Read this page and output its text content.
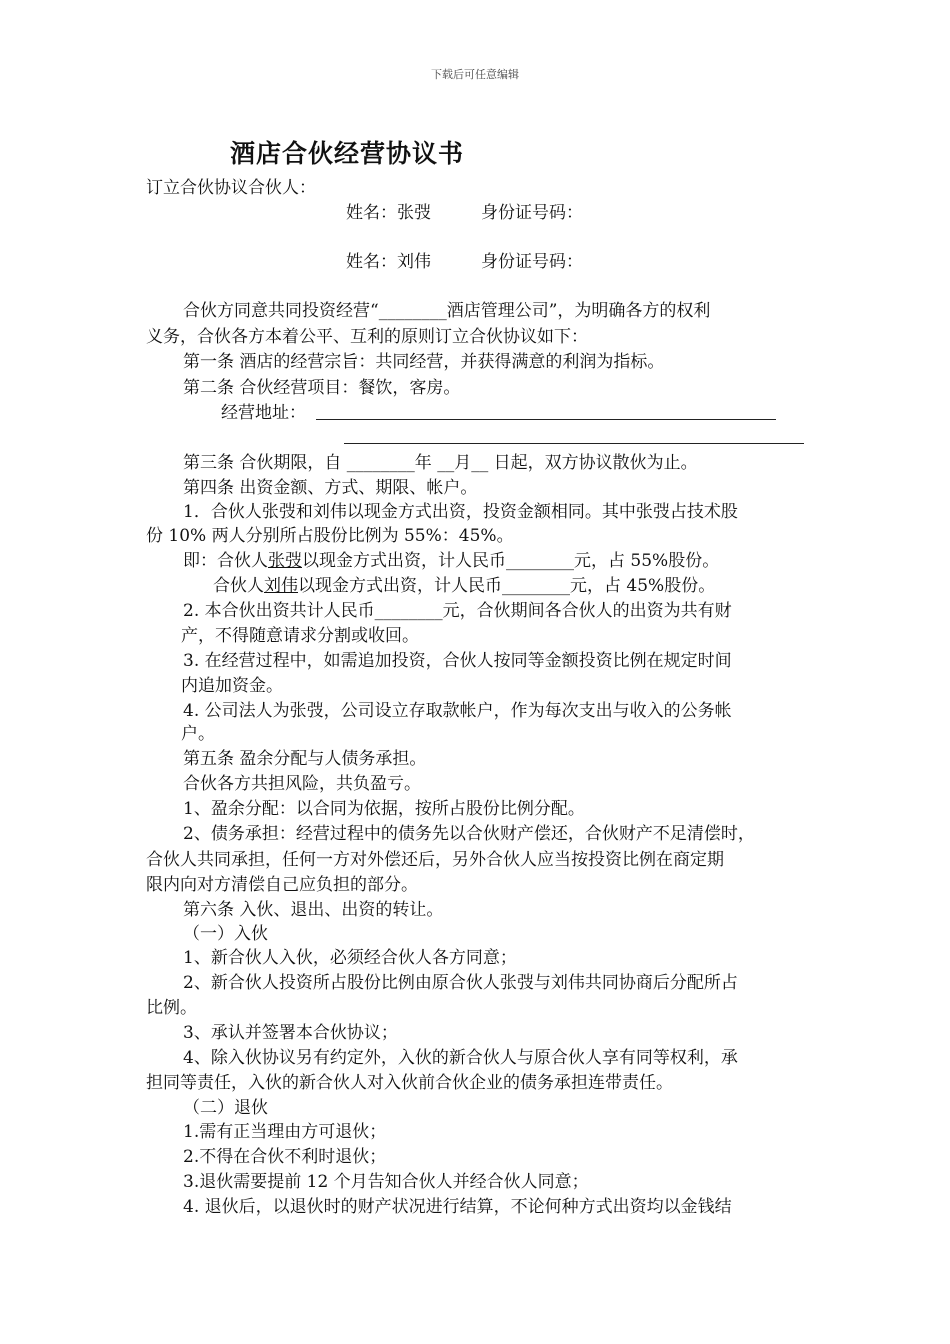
下载后可任意编辑
酒店合伙经营协议书
订立合伙协议合伙人：
姓名：张弢	身份证号码：
姓名：刘伟	身份证号码：
合伙方同意共同投资经营“________酒店管理公司”，为明确各方的权利
义务，合伙各方本着公平、互利的原则订立合伙协议如下：
第一条 酒店的经营宗旨：共同经营，并获得满意的利润为指标。
第二条 合伙经营项目：餐饮，客房。
经营地址：
第三条 合伙期限，自 ________年 __月__ 日起，双方协议散伙为止。
第四条 出资金额、方式、期限、帐户。
1．合伙人张弢和刘伟以现金方式出资，投资金额相同。其中张弢占技术股
份 10% 两人分别所占股份比例为 55%：45%。
即：合伙人张弢以现金方式出资，计人民币________元，占 55%股份。
合伙人刘伟以现金方式出资，计人民币________元，占 45%股份。
2. 本合伙出资共计人民币________元，合伙期间各合伙人的出资为共有财
产，不得随意请求分割或收回。
3. 在经营过程中，如需追加投资，合伙人按同等金额投资比例在规定时间
内追加资金。
4. 公司法人为张弢，公司设立存取款帐户，作为每次支出与收入的公务帐
户。
第五条 盈余分配与人债务承担。
合伙各方共担风险，共负盈亏。
1、盈余分配：以合同为依据，按所占股份比例分配。
2、债务承担：经营过程中的债务先以合伙财产偿还，合伙财产不足清偿时，
合伙人共同承担，任何一方对外偿还后，另外合伙人应当按投资比例在商定期
限内向对方清偿自己应负担的部分。
第六条 入伙、退出、出资的转让。
（一）入伙
1、新合伙人入伙，必须经合伙人各方同意；
2、新合伙人投资所占股份比例由原合伙人张弢与刘伟共同协商后分配所占
比例。
3、承认并签署本合伙协议；
4、除入伙协议另有约定外，入伙的新合伙人与原合伙人享有同等权利，承
担同等责任，入伙的新合伙人对入伙前合伙企业的债务承担连带责任。
（二）退伙
1.需有正当理由方可退伙；
2.不得在合伙不利时退伙；
3.退伙需要提前 12 个月告知合伙人并经合伙人同意；
4. 退伙后，以退伙时的财产状况进行结算，不论何种方式出资均以金钱结
